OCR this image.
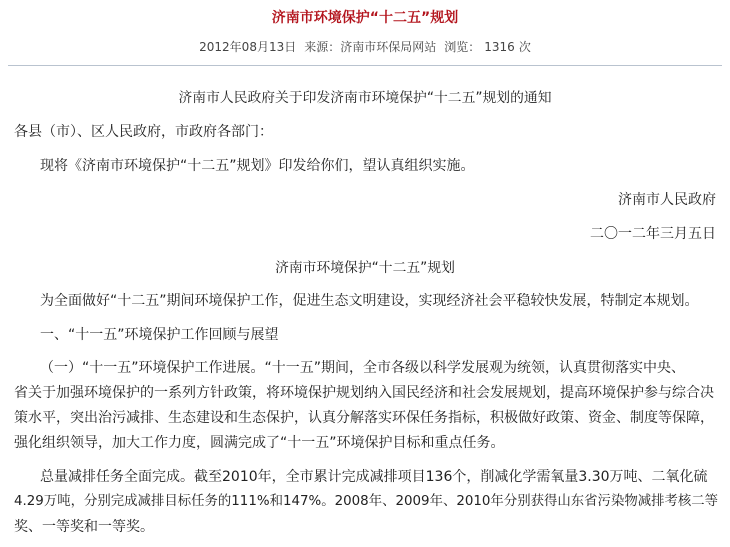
济南市环境保护“十二五”规划
2012年08月13日 来源：济南市环保局网站 浏览： 1316 次
济南市人民政府关于印发济南市环境保护“十二五”规划的通知
各县（市）、区人民政府，市政府各部门：
现将《济南市环境保护“十二五”规划》印发给你们，望认真组织实施。
济南市人民政府
二〇一二年三月五日
济南市环境保护“十二五”规划
为全面做好“十二五”期间环境保护工作，促进生态文明建设，实现经济社会平稳较快发展，特制定本规划。
一、“十一五”环境保护工作回顾与展望
（一）“十一五”环境保护工作进展。“十一五”期间，全市各级以科学发展观为统领，认真贯彻落实中央、
省关于加强环境保护的一系列方针政策，将环境保护规划纳入国民经济和社会发展规划，提高环境保护参与综合决
策水平，突出治污减排、生态建设和生态保护，认真分解落实环保任务指标，积极做好政策、资金、制度等保障，
强化组织领导，加大工作力度，圆满完成了“十一五”环境保护目标和重点任务。
总量减排任务全面完成。截至2010年，全市累计完成减排项目136个，削减化学需氧量3.30万吨、二氧化硫
4.29万吨，分别完成减排目标任务的111%和147%。2008年、2009年、2010年分别获得山东省污染物减排考核二等
奖、一等奖和一等奖。
